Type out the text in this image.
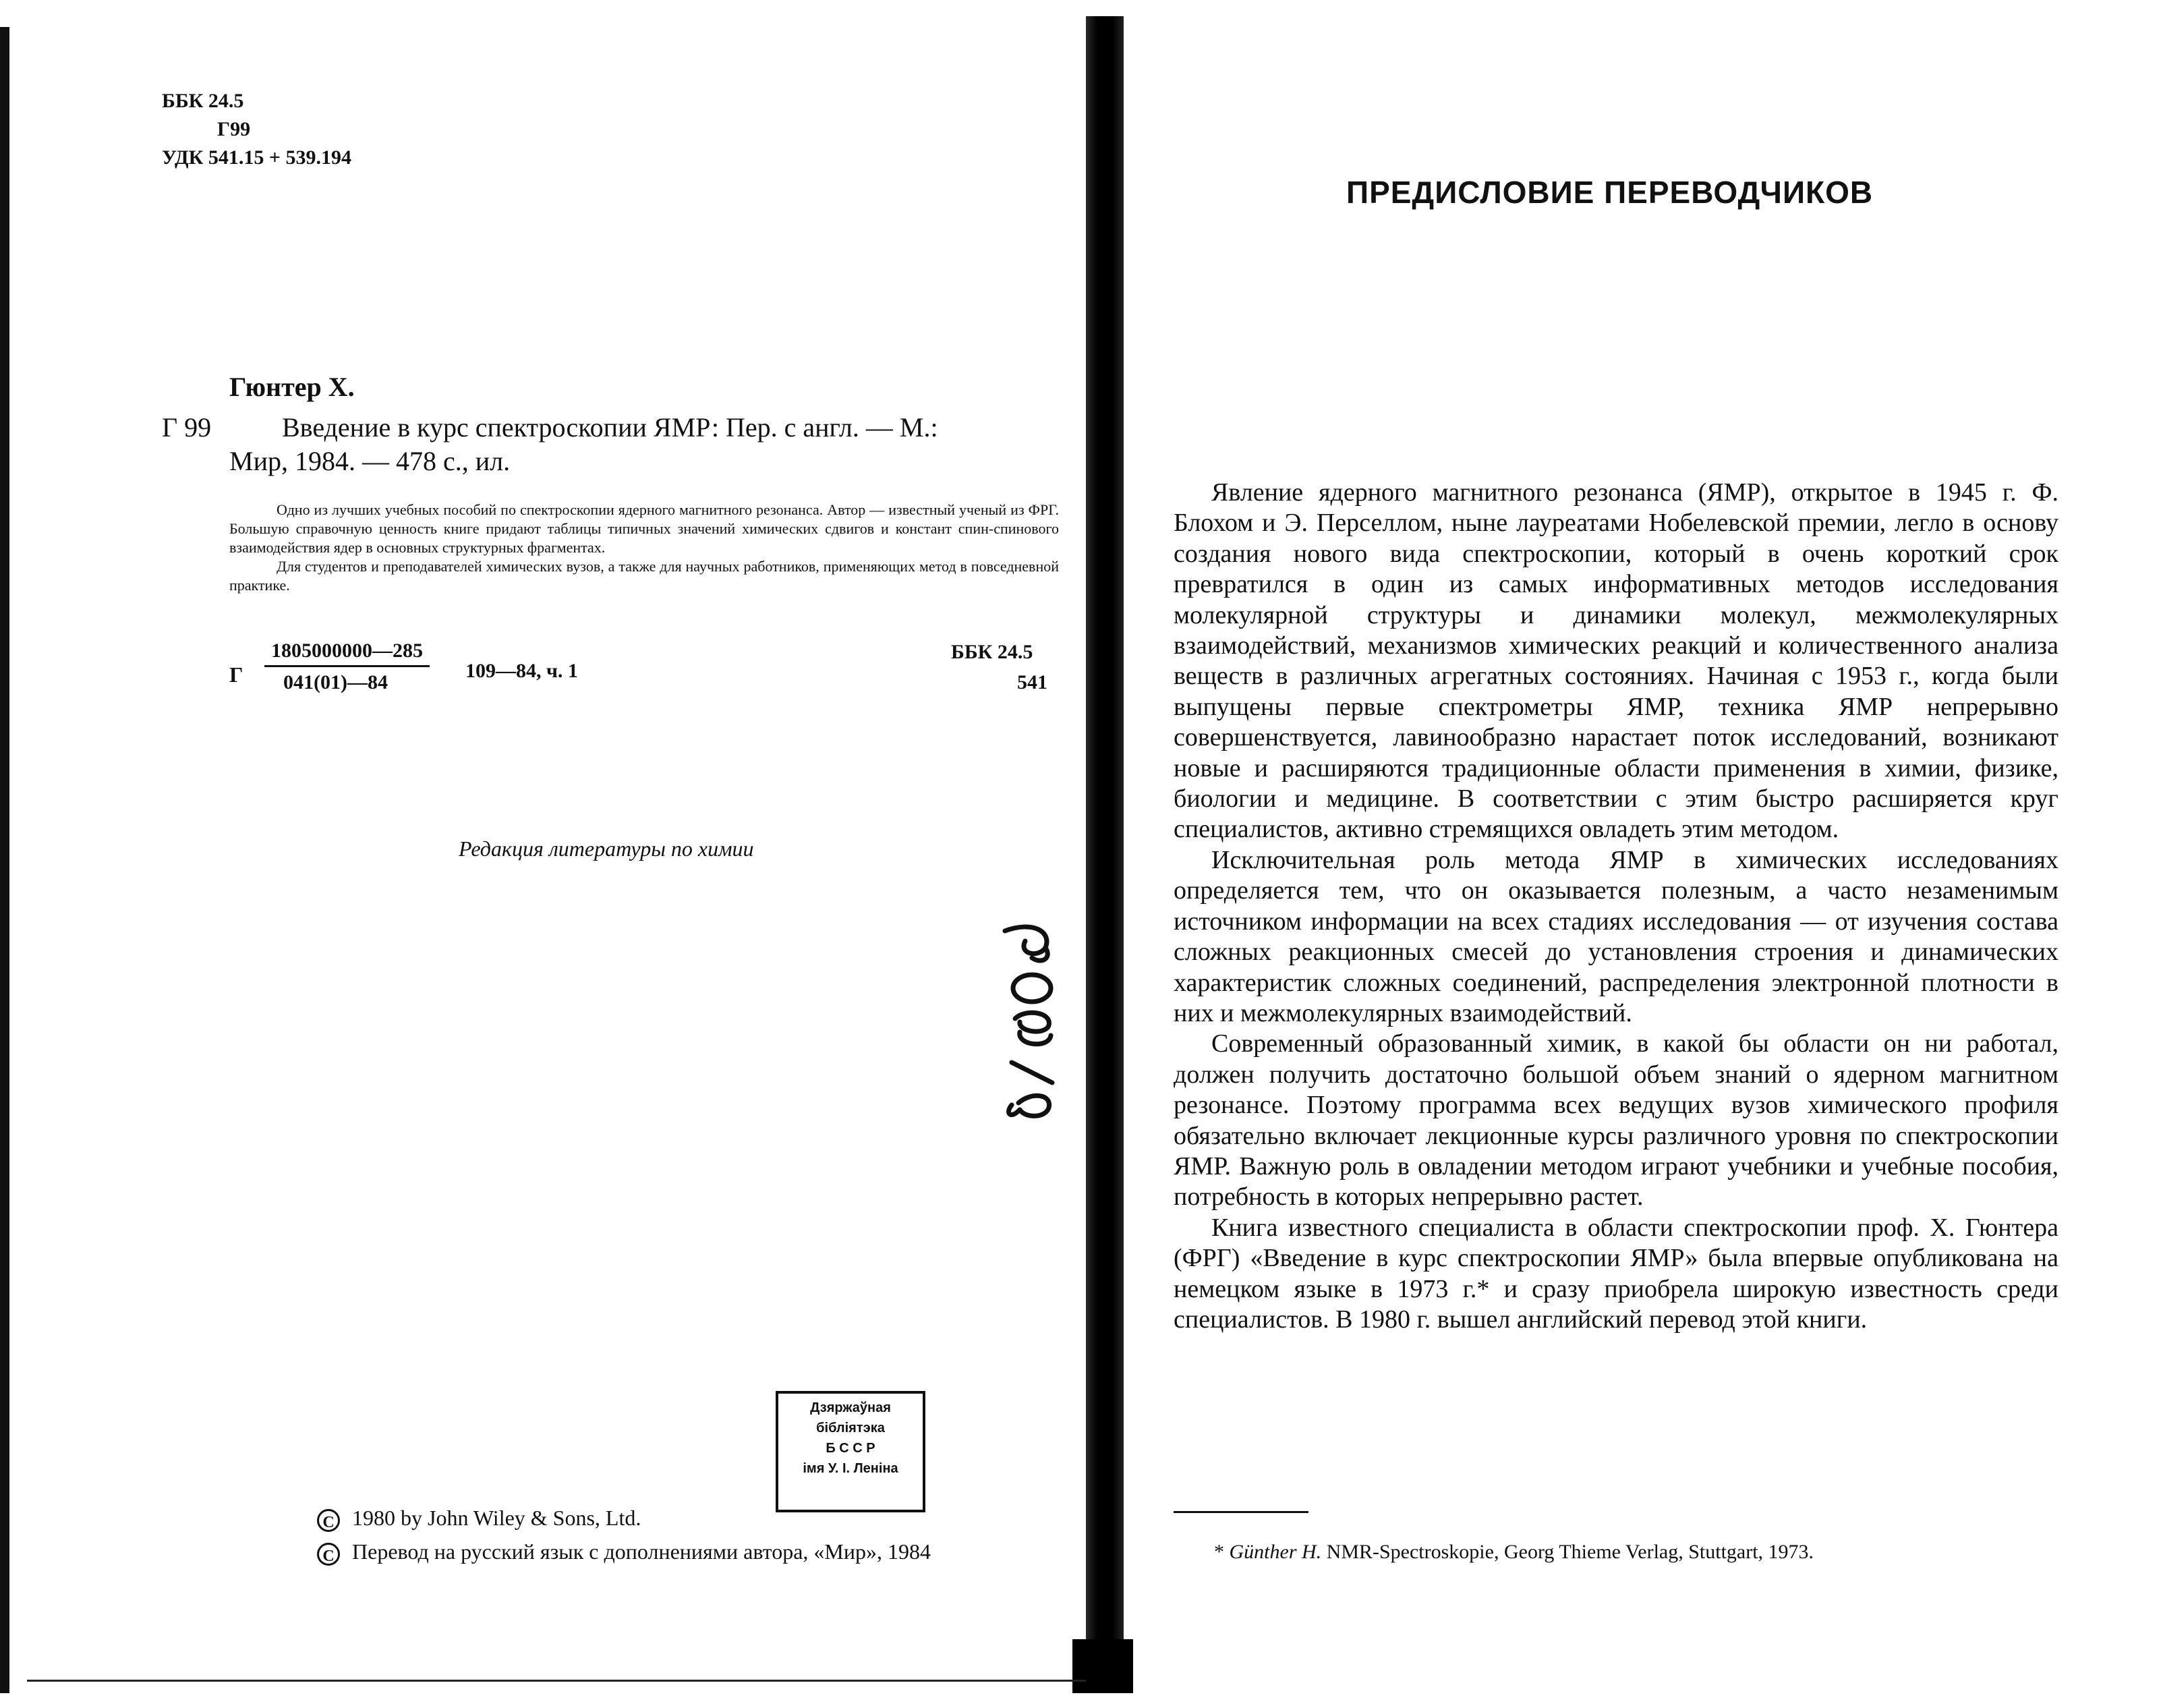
ББК 24.5
Г99
УДК 541.15 + 539.194
Гюнтер Х.
Г 99	Введение в курс спектроскопии ЯМР: Пер. с англ. — М.:
Мир, 1984. — 478 с., ил.

Одно из лучших учебных пособий по спектроскопии ядерного магнитного резонанса. Автор — известный ученый из ФРГ. Большую справочную ценность книге придают таблицы типичных значений химических сдвигов и констант спин-спинового взаимодействия ядер в основных структурных фрагментах.

Для студентов и преподавателей химических вузов, а также для научных работников, применяющих метод в повседневной практике.

Г
1805000000—285
041(01)—84
109—84, ч. 1
ББК 24.5
541
Редакция литературы по химии
Дзяржаўная
бібліятэка
Б С С Р
імя У. І. Леніна
C 1980 by John Wiley & Sons, Ltd.
C Перевод на русский язык с дополнениями автора, «Мир», 1984
ПРЕДИСЛОВИЕ ПЕРЕВОДЧИКОВ

Явление ядерного магнитного резонанса (ЯМР), открытое в 1945 г. Ф. Блохом и Э. Перселлом, ныне лауреатами Нобелевской премии, легло в основу создания нового вида спектроскопии, который в очень короткий срок превратился в один из самых информативных методов исследования молекулярной структуры и динамики молекул, межмолекулярных взаимодействий, механизмов химических реакций и количественного анализа веществ в различных агрегатных состояниях. Начиная с 1953 г., когда были выпущены первые спектрометры ЯМР, техника ЯМР непрерывно совершенствуется, лавинообразно нарастает поток исследований, возникают новые и расширяются традиционные области применения в химии, физике, биологии и медицине. В соответствии с этим быстро расширяется круг специалистов, активно стремящихся овладеть этим методом.

Исключительная роль метода ЯМР в химических исследованиях определяется тем, что он оказывается полезным, а часто незаменимым источником информации на всех стадиях исследования — от изучения состава сложных реакционных смесей до установления строения и динамических характеристик сложных соединений, распределения электронной плотности в них и межмолекулярных взаимодействий.

Современный образованный химик, в какой бы области он ни работал, должен получить достаточно большой объем знаний о ядерном магнитном резонансе. Поэтому программа всех ведущих вузов химического профиля обязательно включает лекционные курсы различного уровня по спектроскопии ЯМР. Важную роль в овладении методом играют учебники и учебные пособия, потребность в которых непрерывно растет.

Книга известного специалиста в области спектроскопии проф. Х. Гюнтера (ФРГ) «Введение в курс спектроскопии ЯМР» была впервые опубликована на немецком языке в 1973 г.* и сразу приобрела широкую известность среди специалистов. В 1980 г. вышел английский перевод этой книги.

* Günther H. NMR-Spectroskopie, Georg Thieme Verlag, Stuttgart, 1973.
